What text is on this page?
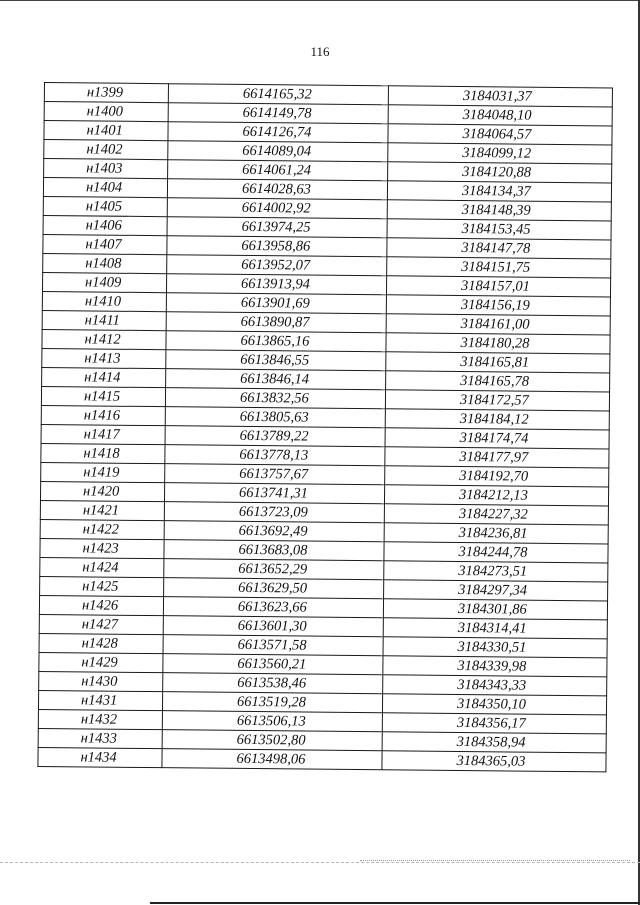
116
н1399	6614165,32	3184031,37
н1400	6614149,78	3184048,10
н1401	6614126,74	3184064,57
н1402	6614089,04	3184099,12
н1403	6614061,24	3184120,88
н1404	6614028,63	3184134,37
н1405	6614002,92	3184148,39
н1406	6613974,25	3184153,45
н1407	6613958,86	3184147,78
н1408	6613952,07	3184151,75
н1409	6613913,94	3184157,01
н1410	6613901,69	3184156,19
н1411	6613890,87	3184161,00
н1412	6613865,16	3184180,28
н1413	6613846,55	3184165,81
н1414	6613846,14	3184165,78
н1415	6613832,56	3184172,57
н1416	6613805,63	3184184,12
н1417	6613789,22	3184174,74
н1418	6613778,13	3184177,97
н1419	6613757,67	3184192,70
н1420	6613741,31	3184212,13
н1421	6613723,09	3184227,32
н1422	6613692,49	3184236,81
н1423	6613683,08	3184244,78
н1424	6613652,29	3184273,51
н1425	6613629,50	3184297,34
н1426	6613623,66	3184301,86
н1427	6613601,30	3184314,41
н1428	6613571,58	3184330,51
н1429	6613560,21	3184339,98
н1430	6613538,46	3184343,33
н1431	6613519,28	3184350,10
н1432	6613506,13	3184356,17
н1433	6613502,80	3184358,94
н1434	6613498,06	3184365,03
